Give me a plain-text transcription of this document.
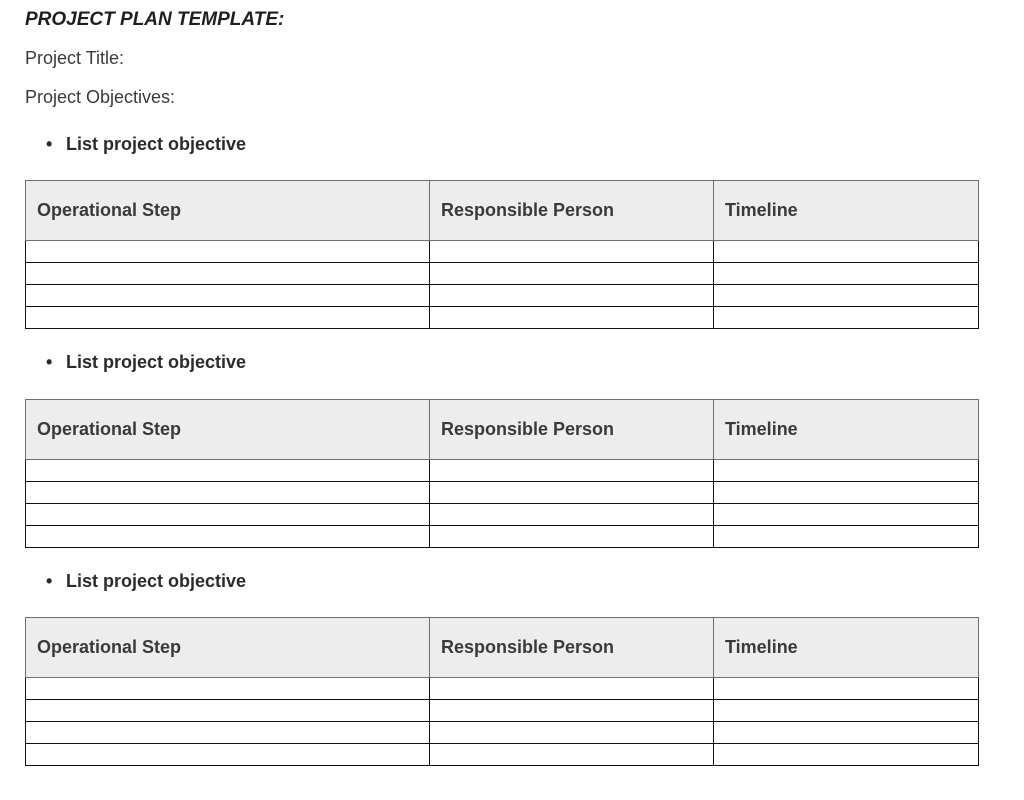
PROJECT PLAN TEMPLATE:
Project Title:
Project Objectives:
• List project objective
Operational Step	Responsible Person	Timeline

• List project objective
Operational Step	Responsible Person	Timeline

• List project objective
Operational Step	Responsible Person	Timeline
